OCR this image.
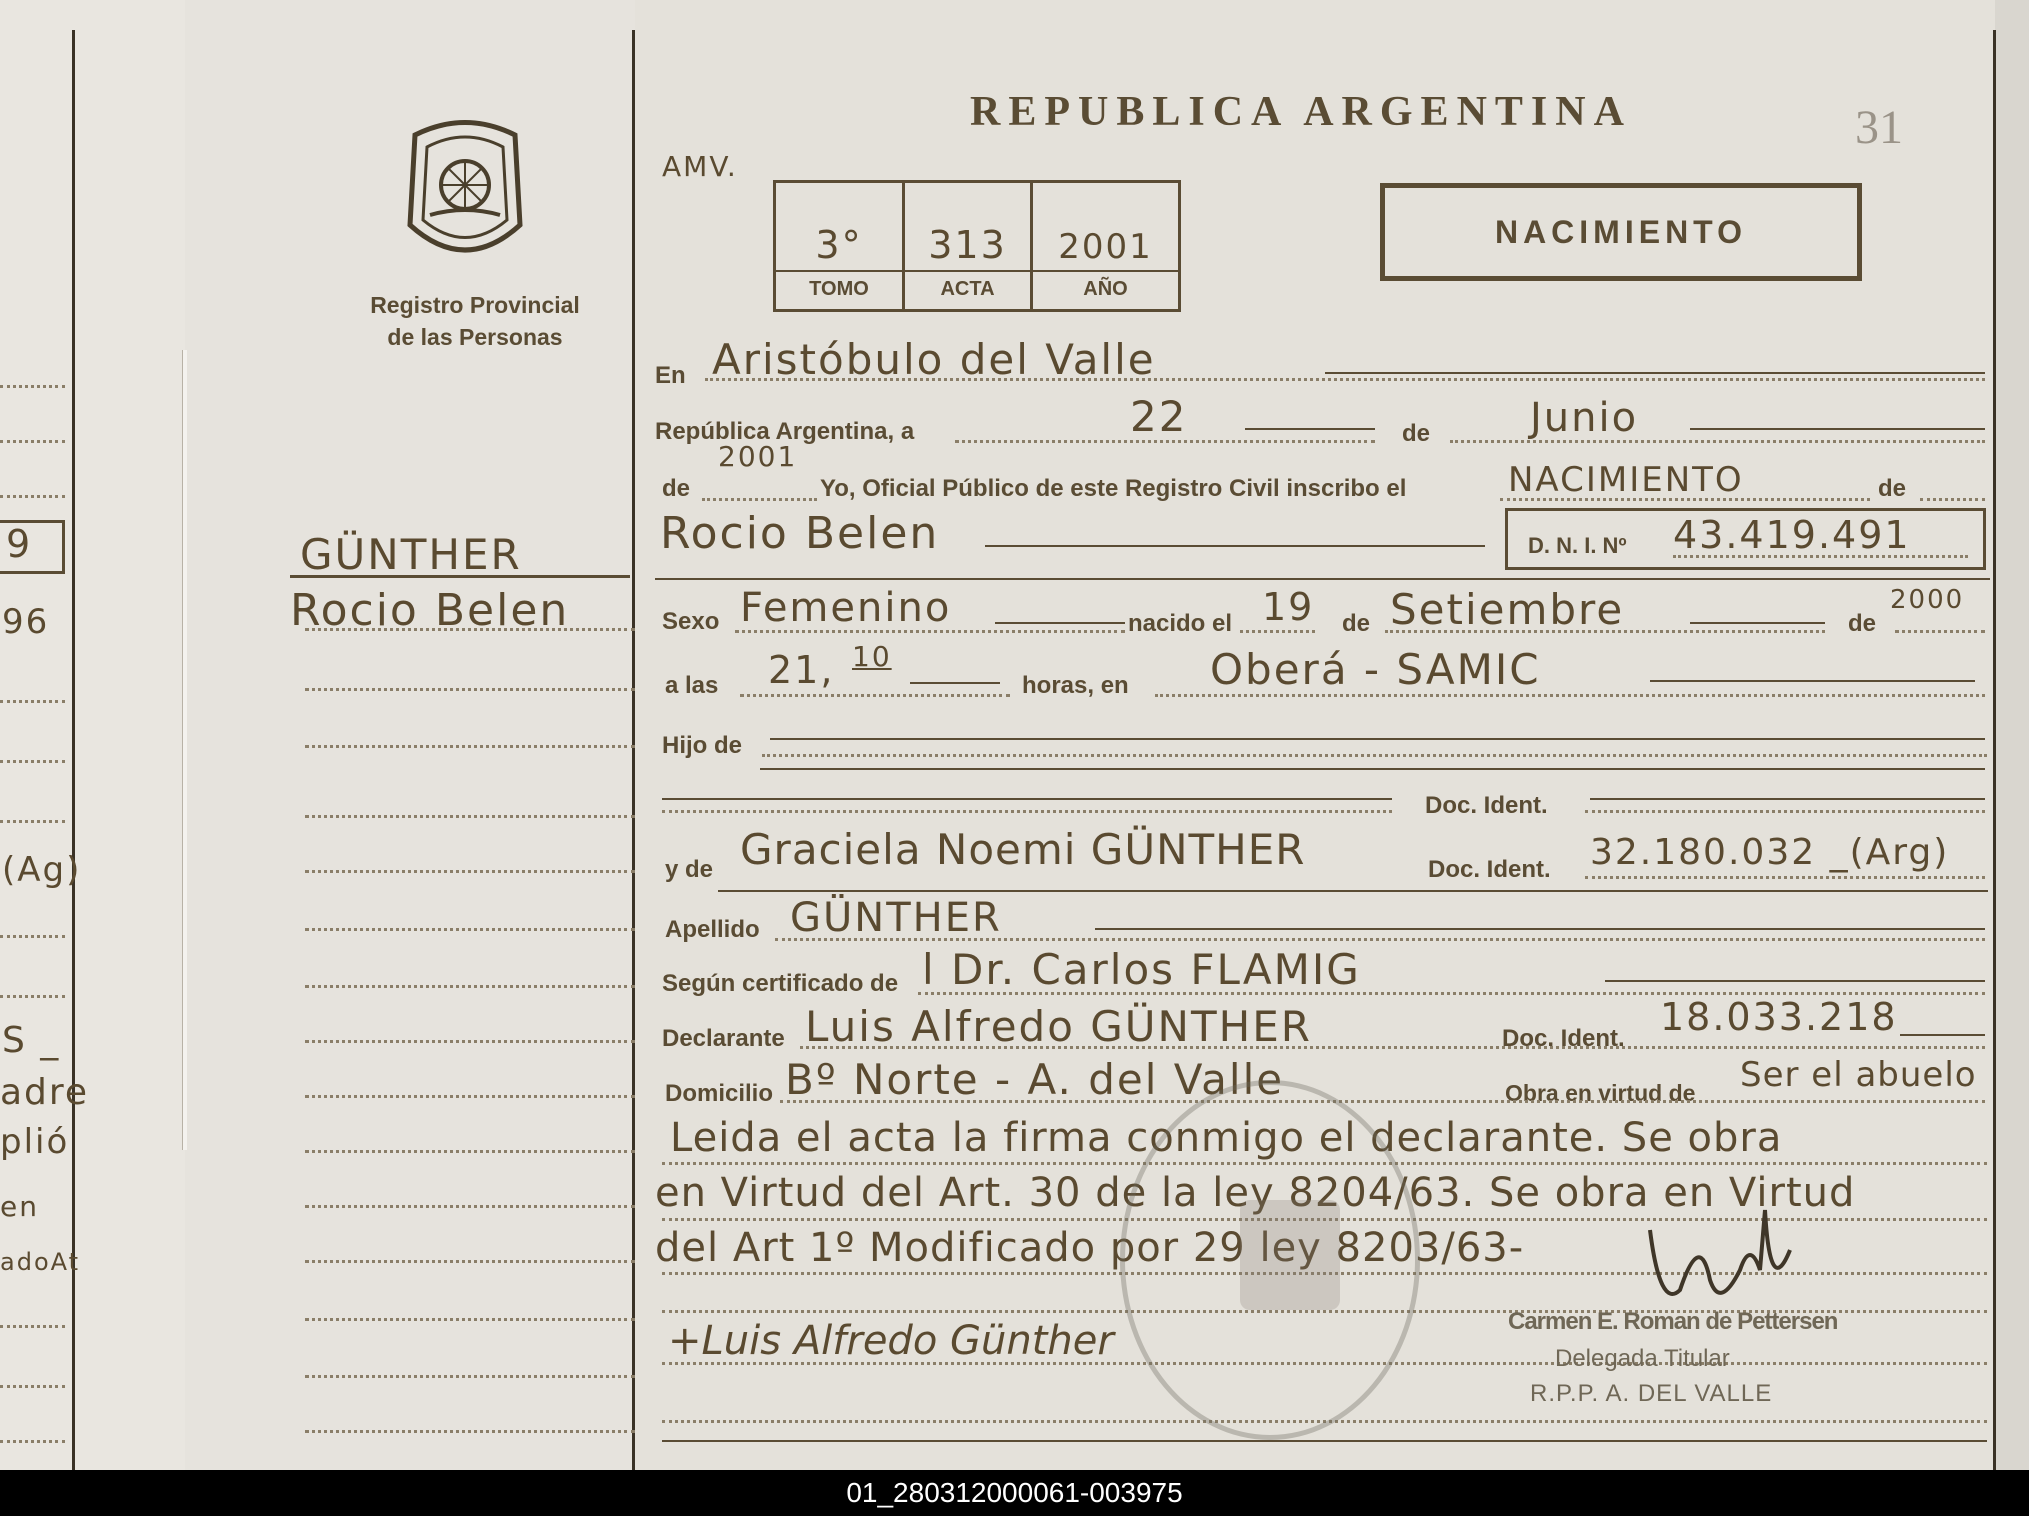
9
96
(Ag)
S _
adre
plió
en
adoAt
Registro Provincial
de las Personas
GÜNTHER
Rocio Belen
REPUBLICA ARGENTINA	31
AMV.
3°	313	2001
TOMO	ACTA	AÑO
NACIMIENTO
En Aristóbulo del Valle
República Argentina, a	22	de Junio
2001
de	Yo, Oficial Público de este Registro Civil inscribo el	NACIMIENTO	de
Rocio Belen	D. N. I. Nº 43.419.491
Sexo Femenino	nacido el 19 de Setiembre	de
2000
a las 21, 10
horas, en Oberá - SAMIC
Hijo de
Doc. Ident.
y de Graciela Noemi GÜNTHER	Doc. Ident. 32.180.032 _(Arg)
Apellido GÜNTHER
Según certificado de l Dr. Carlos FLAMIG
Declarante Luis Alfredo GÜNTHER	Doc. Ident. 18.033.218
Domicilio Bº Norte - A. del Valle	Obra en virtud de Ser el abuelo
Leida el acta la firma conmigo el declarante. Se obra
en Virtud del Art. 30 de la ley 8204/63. Se obra en Virtud
del Art 1º Modificado por 29 ley 8203/63-
+Luis Alfredo Günther	Carmen E. Roman de Pettersen
Delegada Titular
R.P.P. A. DEL VALLE
01_280312000061-003975
